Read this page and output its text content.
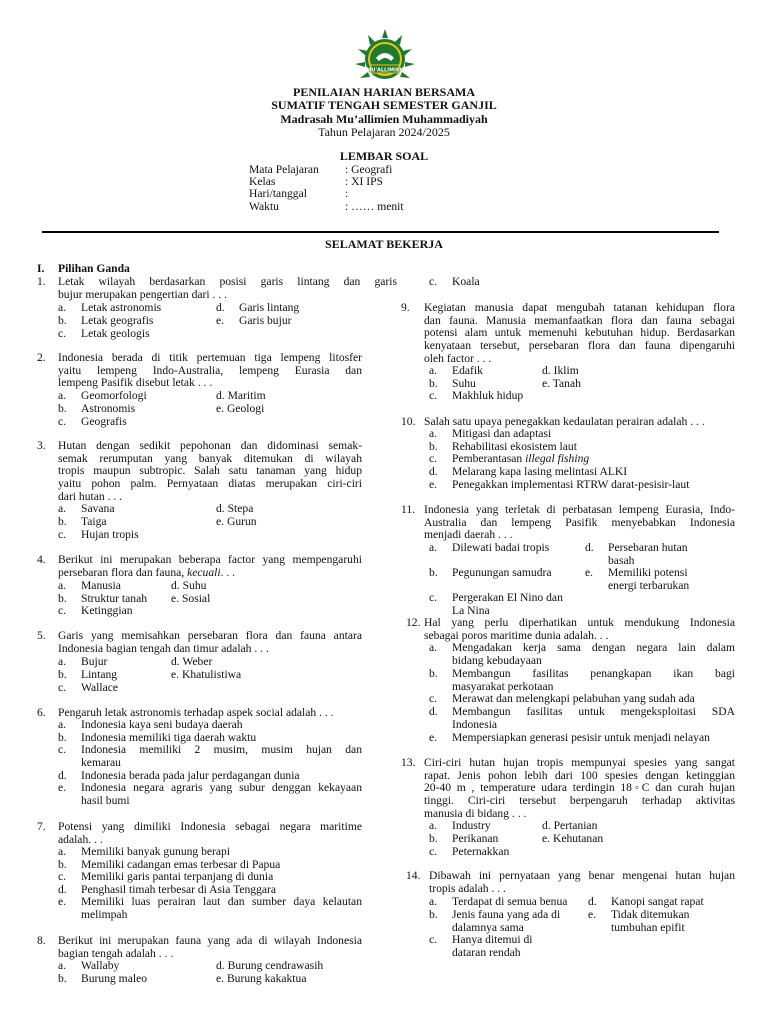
MU'ALLIMIEN
PENILAIAN HARIAN BERSAMA
SUMATIF TENGAH SEMESTER GANJIL
Madrasah Mu’allimien Muhammadiyah
Tahun Pelajaran 2024/2025
LEMBAR SOAL
Mata Pelajaran : Geografi
Kelas	: XI IPS
Hari/tanggal	:
Waktu	: …… menit
SELAMAT BEKERJA
I. Pilihan Ganda
1. Letak wilayah berdasarkan posisi garis lintang dan garis
bujur merupakan pengertian dari . . .
a. Letak astronomis
b. Letak geografis
c. Letak geologis
d. Garis lintang
e. Garis bujur
2. Indonesia berada di titik pertemuan tiga lempeng litosfer
yaitu lempeng Indo-Australia, lempeng Eurasia dan
lempeng Pasifik disebut letak . . .
a. Geomorfologi
b. Astronomis
c. Geografis
d. Maritim
e. Geologi
3. Hutan dengan sedikit pepohonan dan didominasi semak-
semak rerumputan yang banyak ditemukan di wilayah
tropis maupun subtropic. Salah satu tanaman yang hidup
yaitu pohon palm. Pernyataan diatas merupakan ciri-ciri
dari hutan . . .
a. Savana
b. Taiga
c. Hujan tropis
d. Stepa
e. Gurun
4. Berikut ini merupakan beberapa factor yang mempengaruhi
persebaran flora dan fauna, kecuali. . .
a. Manusia
b. Struktur tanah
c. Ketinggian
d. Suhu
e. Sosial
5. Garis yang memisahkan persebaran flora dan fauna antara
Indonesia bagian tengah dan timur adalah . . .
a. Bujur
b. Lintang
c. Wallace
d. Weber
e. Khatulistiwa
6. Pengaruh letak astronomis terhadap aspek social adalah . . .
a. Indonesia kaya seni budaya daerah
b. Indonesia memiliki tiga daerah waktu
c. Indonesia memiliki 2 musim, musim hujan dan
kemarau
d. Indonesia berada pada jalur perdagangan dunia
e. Indonesia negara agraris yang subur denggan kekayaan
hasil bumi
7. Potensi yang dimiliki Indonesia sebagai negara maritime
adalah. . .
a. Memiliki banyak gunung berapi
b. Memiliki cadangan emas terbesar di Papua
c. Memiliki garis pantai terpanjang di dunia
d. Penghasil timah terbesar di Asia Tenggara
e. Memiliki luas perairan laut dan sumber daya kelautan
melimpah
8. Berikut ini merupakan fauna yang ada di wilayah Indonesia
bagian tengah adalah . . .
a. Wallaby
b. Burung maleo
d. Burung cendrawasih
e. Burung kakaktua
c. Koala
9. Kegiatan manusia dapat mengubah tatanan kehidupan flora
dan fauna. Manusia memanfaatkan flora dan fauna sebagai
potensi alam untuk memenuhi kebutuhan hidup. Berdasarkan
kenyataan tersebut, persebaran flora dan fauna dipengaruhi
oleh factor . . .
a. Edafik
b. Suhu
c. Makhluk hidup
d. Iklim
e. Tanah
10. Salah satu upaya penegakkan kedaulatan perairan adalah . . .
a. Mitigasi dan adaptasi
b. Rehabilitasi ekosistem laut
c. Pemberantasan illegal fishing
d. Melarang kapa lasing melintasi ALKI
e. Penegakkan implementasi RTRW darat-pesisir-laut
11. Indonesia yang terletak di perbatasan lempeng Eurasia, Indo-
Australia dan lempeng Pasifik menyebabkan Indonesia
menjadi daerah . . .
a. Dilewati badai tropis
b. Pegunungan samudra
c. Pergerakan El Nino dan
La Nina
d. Persebaran hutan
basah
e. Memiliki potensi
energi terbarukan
12. Hal yang perlu diperhatikan untuk mendukung Indonesia
sebagai poros maritime dunia adalah. . .
a. Mengadakan kerja sama dengan negara lain dalam
bidang kebudayaan
b. Membangun fasilitas penangkapan ikan bagi
masyarakat perkotaan
c. Merawat dan melengkapi pelabuhan yang sudah ada
d. Membangun fasilitas untuk mengeksploitasi SDA
Indonesia
e. Mempersiapkan generasi pesisir untuk menjadi nelayan
13. Ciri-ciri hutan hujan tropis mempunyai spesies yang sangat
rapat. Jenis pohon lebih dari 100 spesies dengan ketinggian
20-40 m , temperature udara terdingin 18◦C dan curah hujan
tinggi. Ciri-ciri tersebut berpengaruh terhadap aktivitas
manusia di bidang . . .
a. Industry
b. Perikanan
c. Peternakkan
d. Pertanian
e. Kehutanan
14. Dibawah ini pernyataan yang benar mengenai hutan hujan
tropis adalah . . .
a. Terdapat di semua benua
b. Jenis fauna yang ada di
dalamnya sama
c. Hanya ditemui di
dataran rendah
d. Kanopi sangat rapat
e. Tidak ditemukan
tumbuhan epifit
